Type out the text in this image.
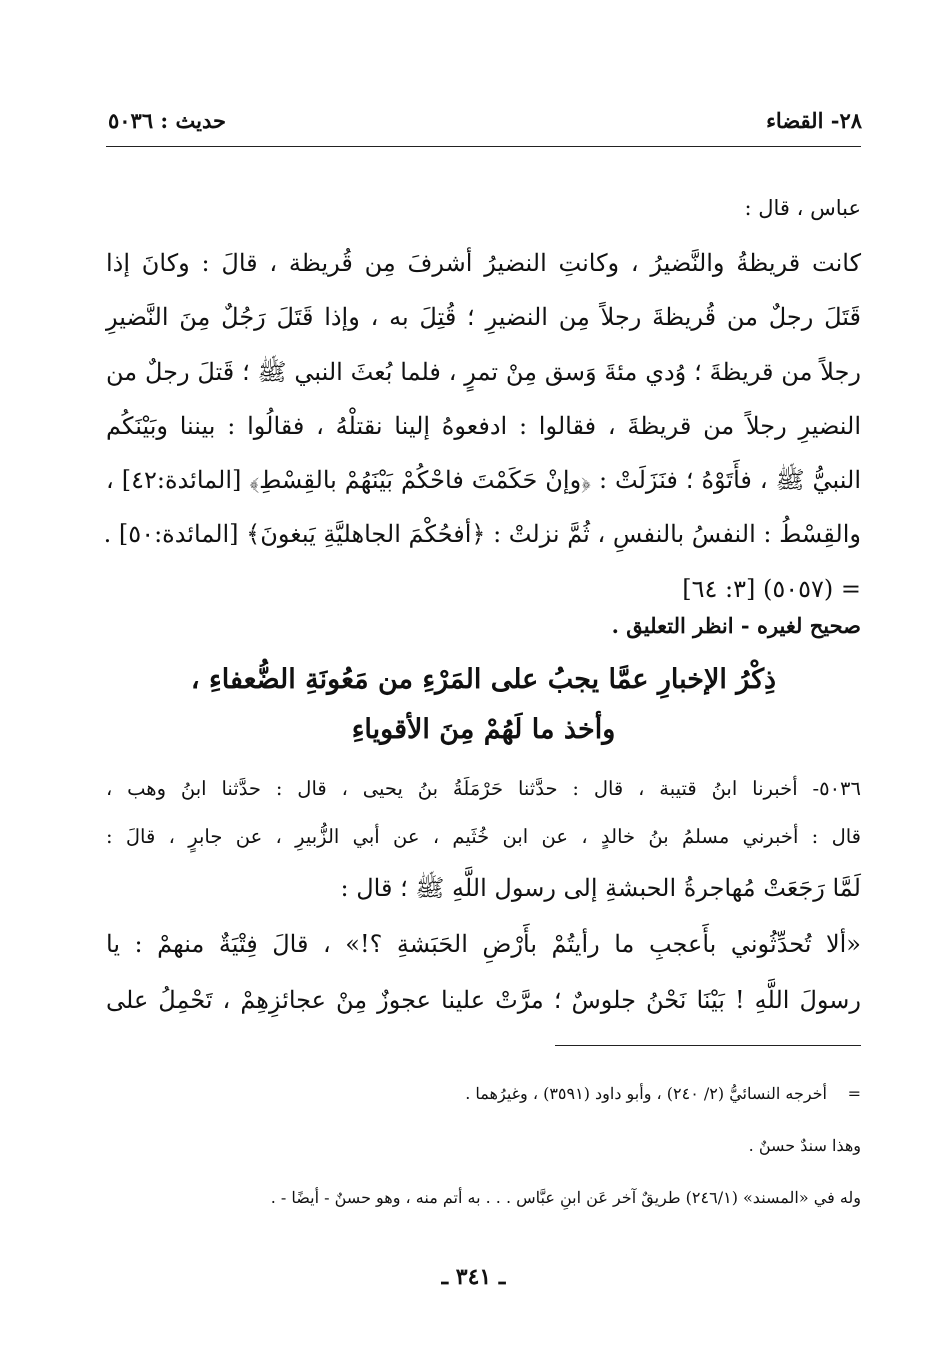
٢٨- القضاء
حديث : ٥٠٣٦
عباس ، قال :
كانت قريظةُ والنَّضيرُ ، وكانتِ النضيرُ أشرفَ مِن قُريظة ، قالَ : وكانَ إذا
قَتَلَ رجلٌ من قُريظةَ رجلاً مِن النضيرِ ؛ قُتِلَ به ، وإذا قَتَلَ رَجُلٌ مِنَ النَّضيرِ
رجلاً من قريظةَ ؛ وُدي مئةَ وَسق مِنْ تمرٍ ، فلما بُعثَ النبي ﷺ ؛ قَتلَ رجلٌ من
النضيرِ رجلاً من قريظةَ ، فقالوا : ادفعوهُ إلينا نقتلْهُ ، فقالُوا : بيننا وبَيْنَكُم
النبيُّ ﷺ ، فأَتَوْهُ ؛ فنَزَلَتْ : ﴿وإنْ حَكَمْتَ فاحْكُمْ بَيْنَهُمْ بالقِسْطِ﴾ [المائدة:٤٢] ،
والقِسْطُ : النفسُ بالنفسِ ، ثُمَّ نزلتْ : ﴿أفحُكْمَ الجاهليَّةِ يَبغونَ﴾ [المائدة:٥٠] .
= (٥٠٥٧) [٣: ٦٤]
صحيح لغيره - انظر التعليق .
ذِكْرُ الإخبارِ عمَّا يجبُ على المَرْءِ من مَعُونَةِ الضُّعفاءِ ،
وأخذ ما لَهُمْ مِنَ الأقوياءِ
٥٠٣٦- أخبرنا ابنُ قتيبة ، قال : حدَّثنا حَرْمَلَةُ بنُ يحيى ، قال : حدَّثنا ابنُ وهب ،
قال : أخبرني مسلمُ بنُ خالدٍ ، عن ابن خُثَيم ، عن أبي الزُّبيرِ ، عن جابرٍ ، قالَ :
لَمَّا رَجَعَتْ مُهاجرةُ الحبشةِ إلى رسول اللَّهِ ﷺ ؛ قال :
«ألا تُحدِّثُوني بأَعجبِ ما رأيتُمْ بأَرْضِ الحَبَشةِ ؟!» ، قالَ فِتْيَةٌ منهمْ : يا
رسولَ اللَّهِ ! بَيْنَا نَحْنُ جلوسٌ ؛ مرَّتْ علينا عجوزٌ مِنْ عجائزِهِمْ ، تَحْمِلُ على
=
أخرجه النسائيُّ (٢/ ٢٤٠) ، وأبو داود (٣٥٩١) ، وغيرُهما .
وهذا سندٌ حسنٌ .
وله في «المسند» (٢٤٦/١) طريقٌ آخر عَن ابنِ عبَّاس . . . به أتم منه ، وهو حسنٌ - أيضًا - .
ـ ٣٤١ ـ
